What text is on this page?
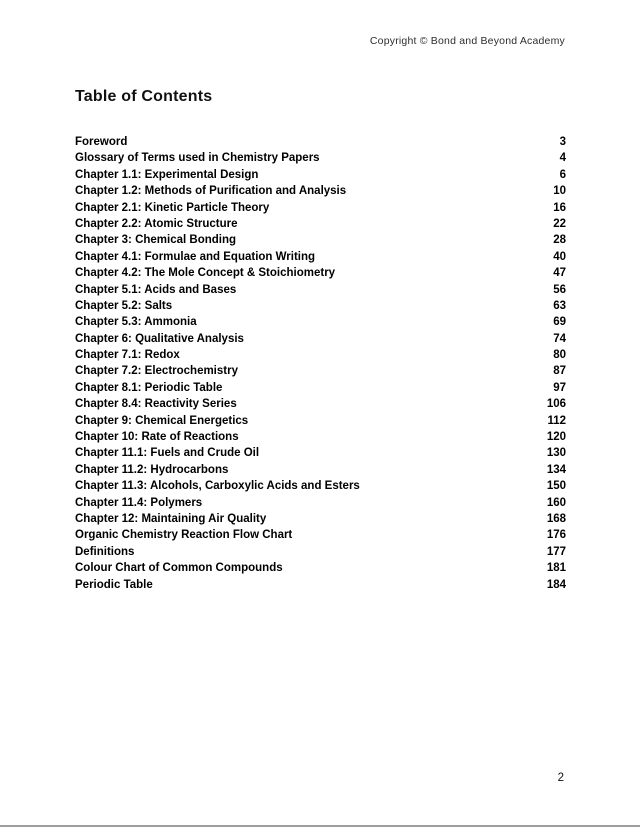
Copyright © Bond and Beyond Academy
Table of Contents
Foreword	3
Glossary of Terms used in Chemistry Papers	4
Chapter 1.1: Experimental Design	6
Chapter 1.2: Methods of Purification and Analysis	10
Chapter 2.1: Kinetic Particle Theory	16
Chapter 2.2: Atomic Structure	22
Chapter 3: Chemical Bonding	28
Chapter 4.1: Formulae and Equation Writing	40
Chapter 4.2: The Mole Concept & Stoichiometry	47
Chapter 5.1: Acids and Bases	56
Chapter 5.2: Salts	63
Chapter 5.3: Ammonia	69
Chapter 6: Qualitative Analysis	74
Chapter 7.1: Redox	80
Chapter 7.2: Electrochemistry	87
Chapter 8.1: Periodic Table	97
Chapter 8.4: Reactivity Series	106
Chapter 9: Chemical Energetics	112
Chapter 10: Rate of Reactions	120
Chapter 11.1: Fuels and Crude Oil	130
Chapter 11.2: Hydrocarbons	134
Chapter 11.3: Alcohols, Carboxylic Acids and Esters	150
Chapter 11.4: Polymers	160
Chapter 12: Maintaining Air Quality	168
Organic Chemistry Reaction Flow Chart	176
Definitions	177
Colour Chart of Common Compounds	181
Periodic Table	184
2
